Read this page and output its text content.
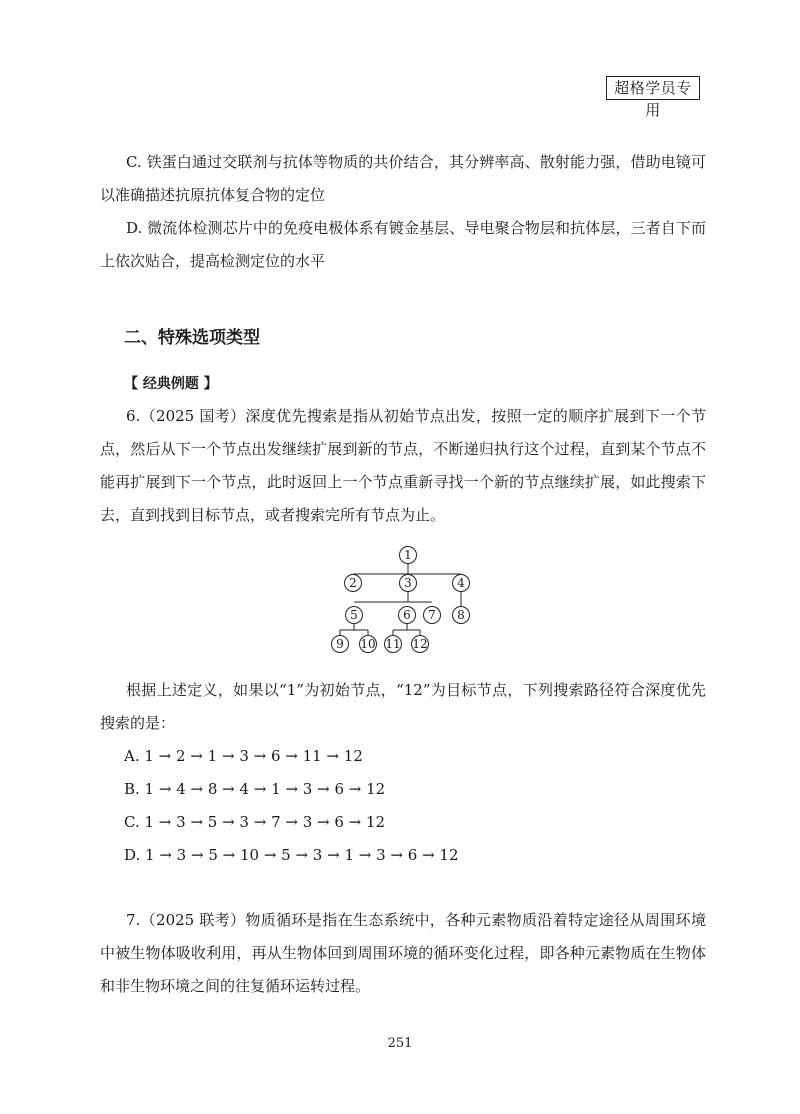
超格学员专用

C. 铁蛋白通过交联剂与抗体等物质的共价结合，其分辨率高、散射能力强，借助电镜可以准确描述抗原抗体复合物的定位

D. 微流体检测芯片中的免疫电极体系有镀金基层、导电聚合物层和抗体层，三者自下而上依次贴合，提高检测定位的水平

二、特殊选项类型
【 经典例题 】

6.（2025 国考）深度优先搜索是指从初始节点出发，按照一定的顺序扩展到下一个节点，然后从下一个节点出发继续扩展到新的节点，不断递归执行这个过程，直到某个节点不能再扩展到下一个节点，此时返回上一个节点重新寻找一个新的节点继续扩展，如此搜索下去，直到找到目标节点，或者搜索完所有节点为止。

1
2	3	4
5	6 7 8
9 10 11 12

根据上述定义，如果以“1”为初始节点，“12”为目标节点，下列搜索路径符合深度优先搜索的是：

A. 1 → 2 → 1 → 3 → 6 → 11 → 12
B. 1 → 4 → 8 → 4 → 1 → 3 → 6 → 12
C. 1 → 3 → 5 → 3 → 7 → 3 → 6 → 12
D. 1 → 3 → 5 → 10 → 5 → 3 → 1 → 3 → 6 → 12

7.（2025 联考）物质循环是指在生态系统中，各种元素物质沿着特定途径从周围环境中被生物体吸收利用，再从生物体回到周围环境的循环变化过程，即各种元素物质在生物体和非生物环境之间的往复循环运转过程。

251
